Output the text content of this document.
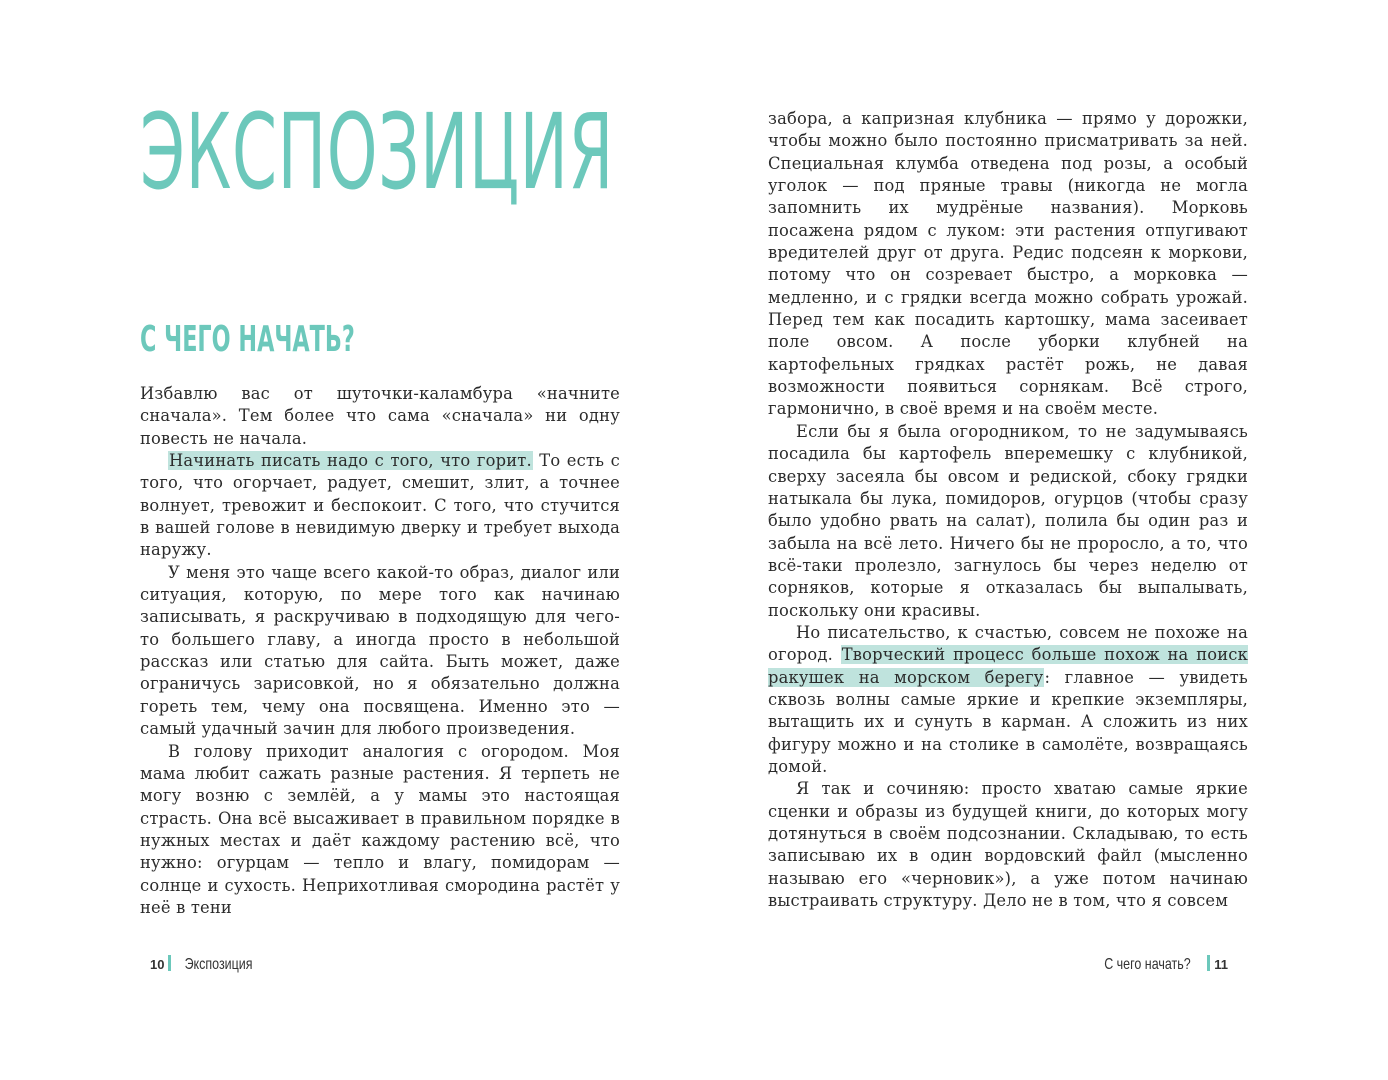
ЭКСПОЗИЦИЯ
С ЧЕГО НАЧАТЬ?

Избавлю вас от шуточки-каламбура «начните сначала». Тем более что сама «сначала» ни одну повесть не начала.

Начинать писать надо с того, что горит. То есть с того, что огорчает, радует, смешит, злит, а точнее волнует, тревожит и беспокоит. С того, что стучится в вашей голове в невидимую дверку и требует выхода наружу.

У меня это чаще всего какой-то образ, диалог или ситуация, которую, по мере того как начинаю записывать, я раскручиваю в подходящую для чего-то большего главу, а иногда просто в небольшой рассказ или статью для сайта. Быть может, даже ограничусь зарисовкой, но я обязательно должна гореть тем, чему она посвящена. Именно это — самый удачный зачин для любого произведения.

В голову приходит аналогия с огородом. Моя мама любит сажать разные растения. Я терпеть не могу возню с землёй, а у мамы это настоящая страсть. Она всё высаживает в правильном порядке в нужных местах и даёт каждому растению всё, что нужно: огурцам — тепло и влагу, помидорам — солнце и сухость. Неприхотливая смородина растёт у неё в тени

10 Экспозиция

забора, а капризная клубника — прямо у дорожки, чтобы можно было постоянно присматривать за ней. Специальная клумба отведена под розы, а особый уголок — под пряные травы (никогда не могла запомнить их мудрёные названия). Морковь посажена рядом с луком: эти растения отпугивают вредителей друг от друга. Редис подсеян к моркови, потому что он созревает быстро, а морковка — медленно, и с грядки всегда можно собрать урожай. Перед тем как посадить картошку, мама засеивает поле овсом. А после уборки клубней на картофельных грядках растёт рожь, не давая возможности появиться сорнякам. Всё строго, гармонично, в своё время и на своём месте.

Если бы я была огородником, то не задумываясь посадила бы картофель вперемешку с клубникой, сверху засеяла бы овсом и редиской, сбоку грядки натыкала бы лука, помидоров, огурцов (чтобы сразу было удобно рвать на салат), полила бы один раз и забыла на всё лето. Ничего бы не проросло, а то, что всё-таки пролезло, загнулось бы через неделю от сорняков, которые я отказалась бы выпалывать, поскольку они красивы.

Но писательство, к счастью, совсем не похоже на огород. Творческий процесс больше похож на поиск ракушек на морском берегу: главное — увидеть сквозь волны самые яркие и крепкие экземпляры, вытащить их и сунуть в карман. А сложить из них фигуру можно и на столике в самолёте, возвращаясь домой.

Я так и сочиняю: просто хватаю самые яркие сценки и образы из будущей книги, до которых могу дотянуться в своём подсознании. Складываю, то есть записываю их в один вордовский файл (мысленно называю его «черновик»), а уже потом начинаю выстраивать структуру. Дело не в том, что я совсем

С чего начать? 11
